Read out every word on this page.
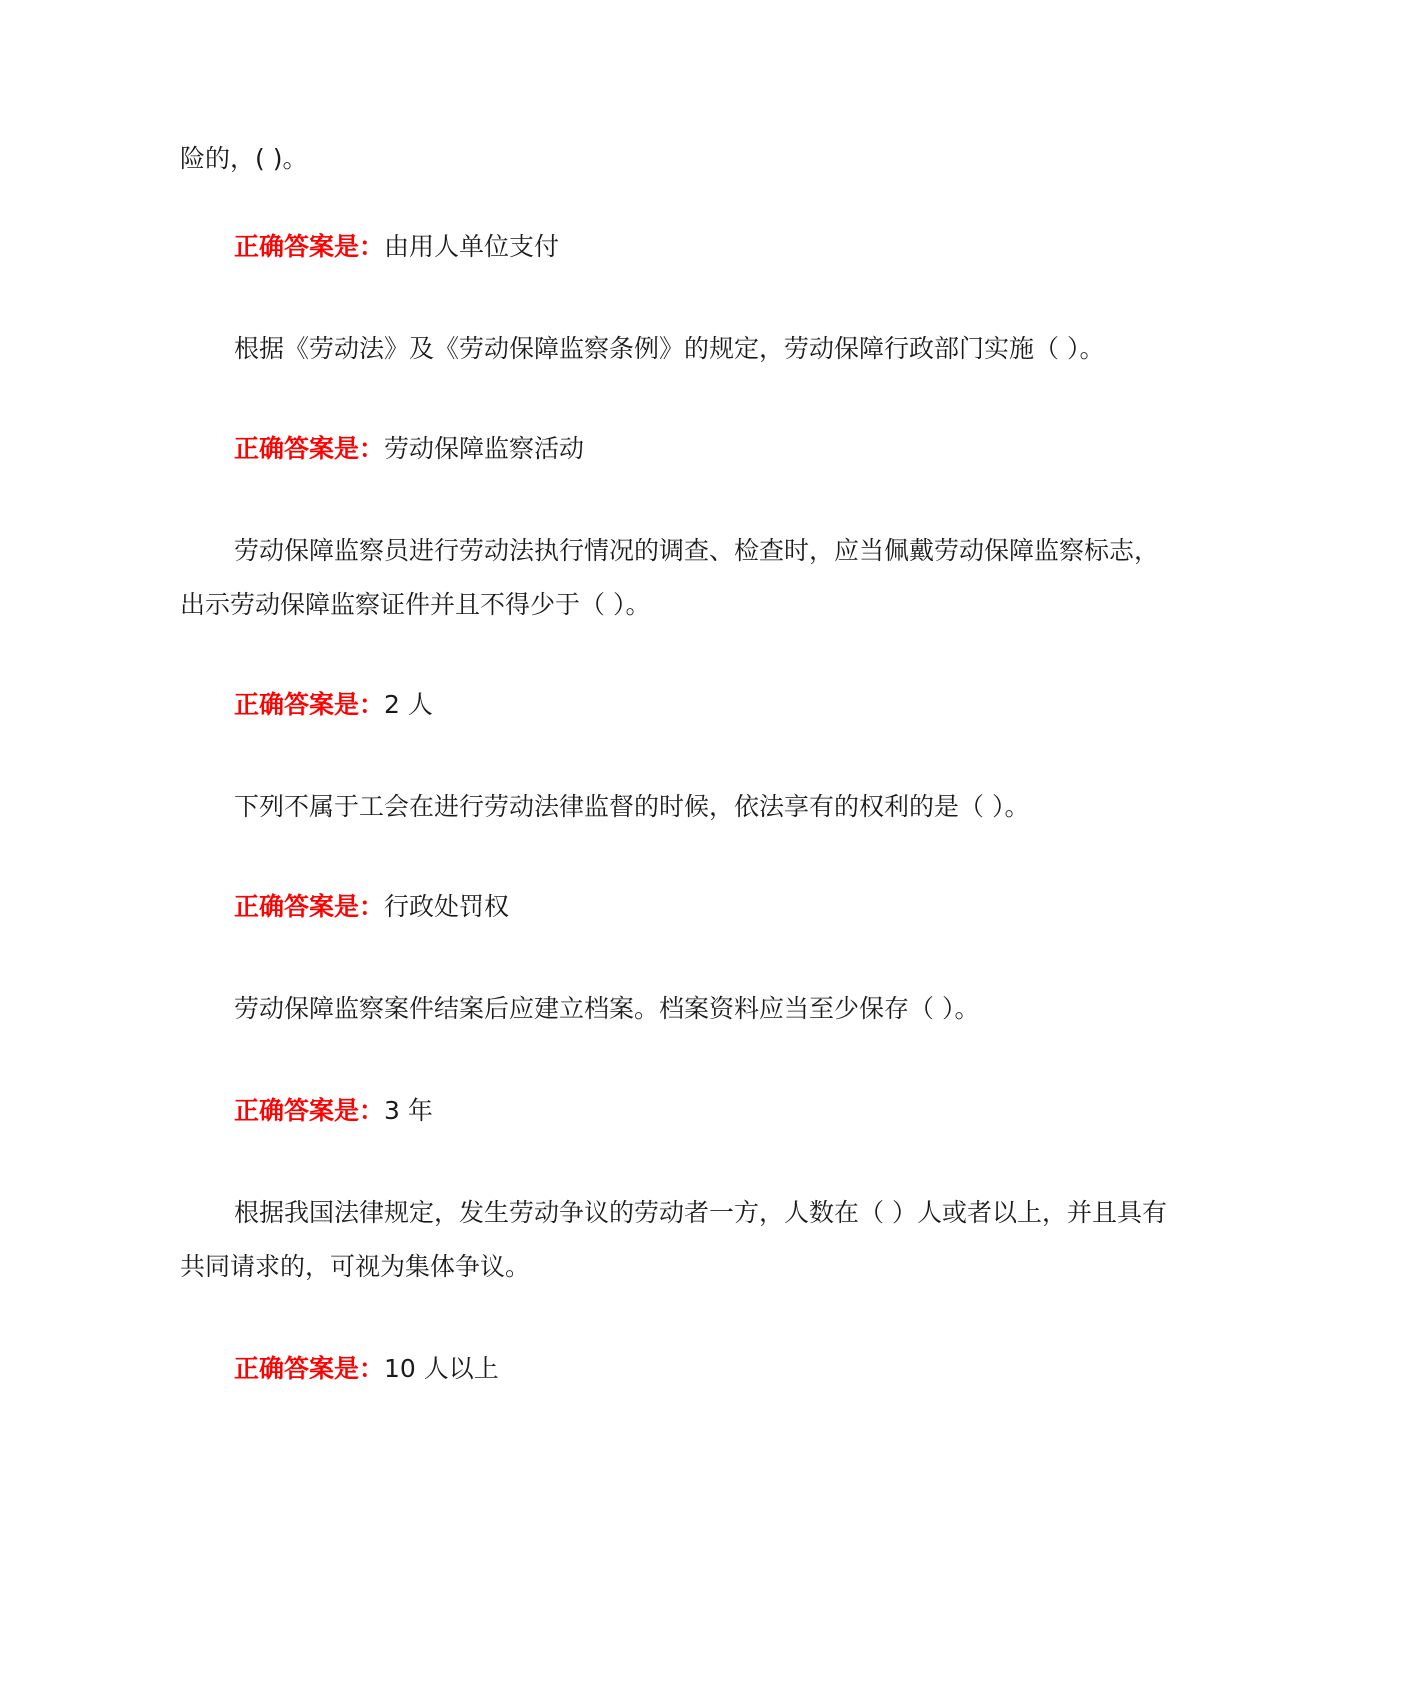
险的，( )。
正确答案是：由用人单位支付
根据《劳动法》及《劳动保障监察条例》的规定，劳动保障行政部门实施（ ）。
正确答案是：劳动保障监察活动
劳动保障监察员进行劳动法执行情况的调查、检查时，应当佩戴劳动保障监察标志，
出示劳动保障监察证件并且不得少于（ ）。
正确答案是：2 人
下列不属于工会在进行劳动法律监督的时候，依法享有的权利的是（ ）。
正确答案是：行政处罚权
劳动保障监察案件结案后应建立档案。档案资料应当至少保存（ ）。
正确答案是：3 年
根据我国法律规定，发生劳动争议的劳动者一方，人数在（ ）人或者以上，并且具有
共同请求的，可视为集体争议。
正确答案是：10 人以上
